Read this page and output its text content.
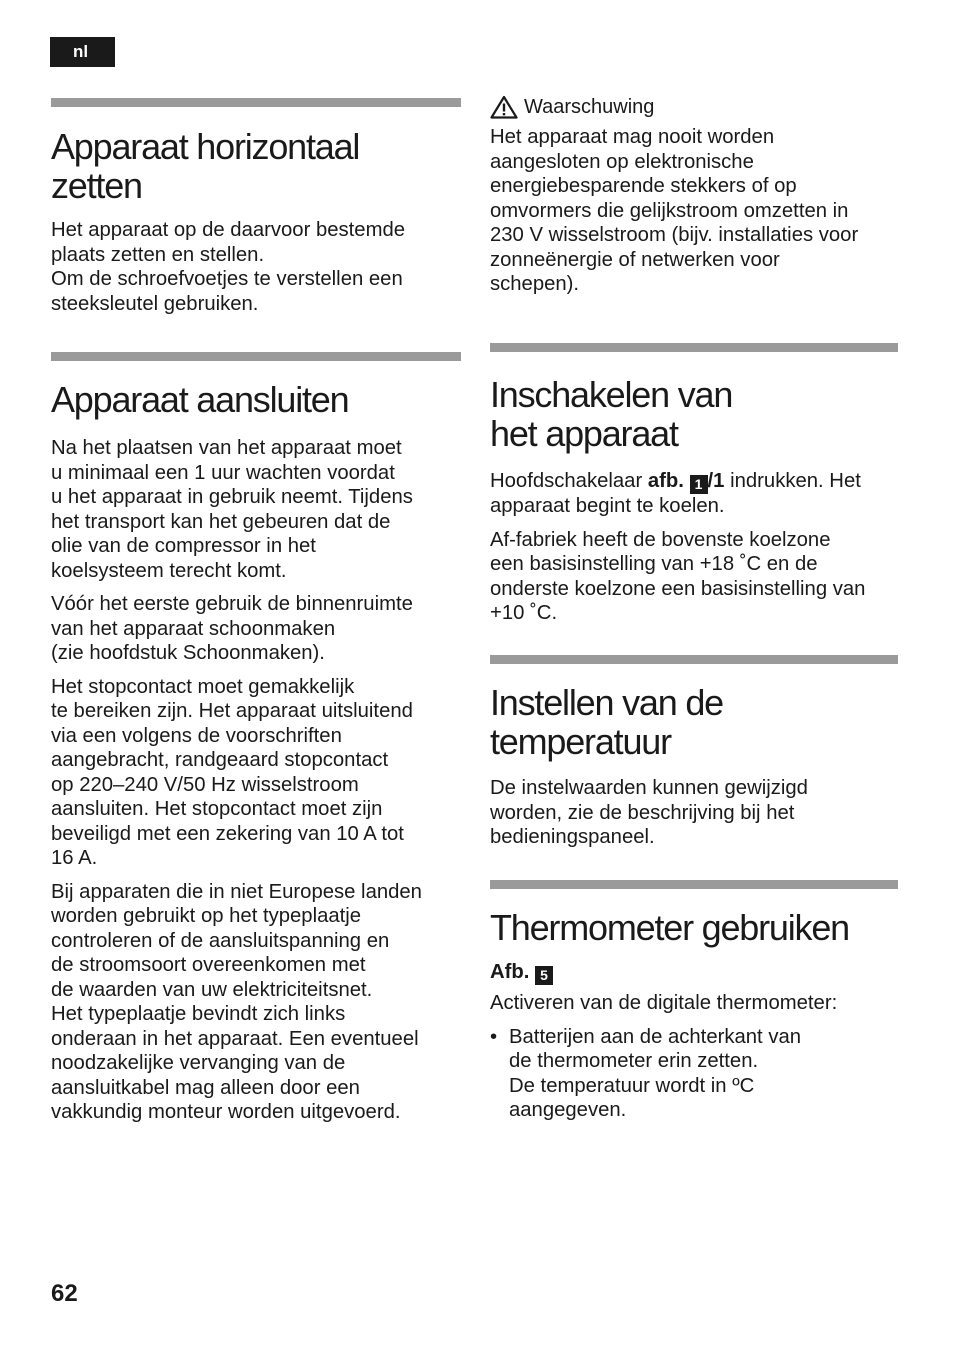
nl
Apparaat horizontaal
zetten

Het apparaat op de daarvoor bestemde
plaats zetten en stellen.
Om de schroefvoetjes te verstellen een
steeksleutel gebruiken.

Apparaat aansluiten

Na het plaatsen van het apparaat moet
u minimaal een 1 uur wachten voordat
u het apparaat in gebruik neemt. Tijdens
het transport kan het gebeuren dat de
olie van de compressor in het
koelsysteem terecht komt.

Vóór het eerste gebruik de binnenruimte
van het apparaat schoonmaken
(zie hoofdstuk Schoonmaken).

Het stopcontact moet gemakkelijk
te bereiken zijn. Het apparaat uitsluitend
via een volgens de voorschriften
aangebracht, randgeaard stopcontact
op 220–240 V/50 Hz wisselstroom
aansluiten. Het stopcontact moet zijn
beveiligd met een zekering van 10 A tot
16 A.

Bij apparaten die in niet Europese landen
worden gebruikt op het typeplaatje
controleren of de aansluitspanning en
de stroomsoort overeenkomen met
de waarden van uw elektriciteitsnet.
Het typeplaatje bevindt zich links
onderaan in het apparaat. Een eventueel
noodzakelijke vervanging van de
aansluitkabel mag alleen door een
vakkundig monteur worden uitgevoerd.

Waarschuwing

Het apparaat mag nooit worden
aangesloten op elektronische
energiebesparende stekkers of op
omvormers die gelijkstroom omzetten in
230 V wisselstroom (bijv. installaties voor
zonneënergie of netwerken voor
schepen).

Inschakelen van
het apparaat

Hoofdschakelaar afb. 1 /1 indrukken. Het
apparaat begint te koelen.

Af-fabriek heeft de bovenste koelzone
een basisinstelling van +18 ˚C en de
onderste koelzone een basisinstelling van
+10 ˚C.

Instellen van de
temperatuur

De instelwaarden kunnen gewijzigd
worden, zie de beschrijving bij het
bedieningspaneel.

Thermometer gebruiken

Afb. 5

Activeren van de digitale thermometer:

• Batterijen aan de achterkant van
de thermometer erin zetten.
De temperatuur wordt in ºC
aangegeven.

62
